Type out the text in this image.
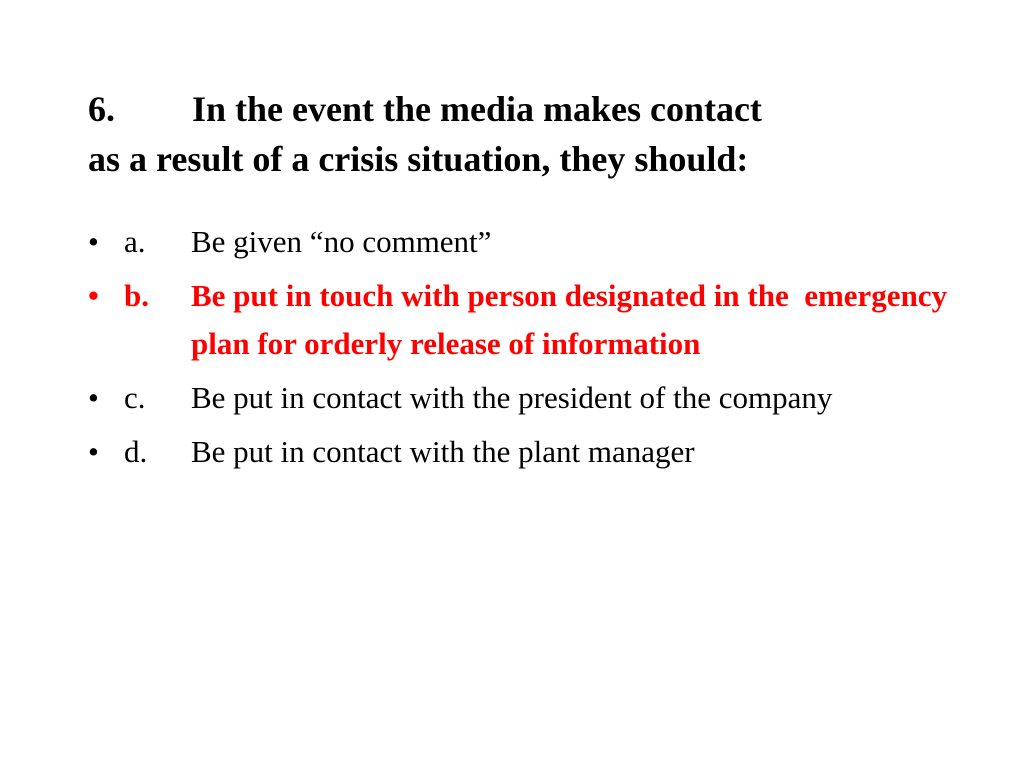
6. In the event the media makes contact
as a result of a crisis situation, they should:
• a.	Be given “no comment”
• b.	Be put in touch with person designated in the  emergency plan for orderly release of information
• c.	Be put in contact with the president of the company
• d.	Be put in contact with the plant manager
